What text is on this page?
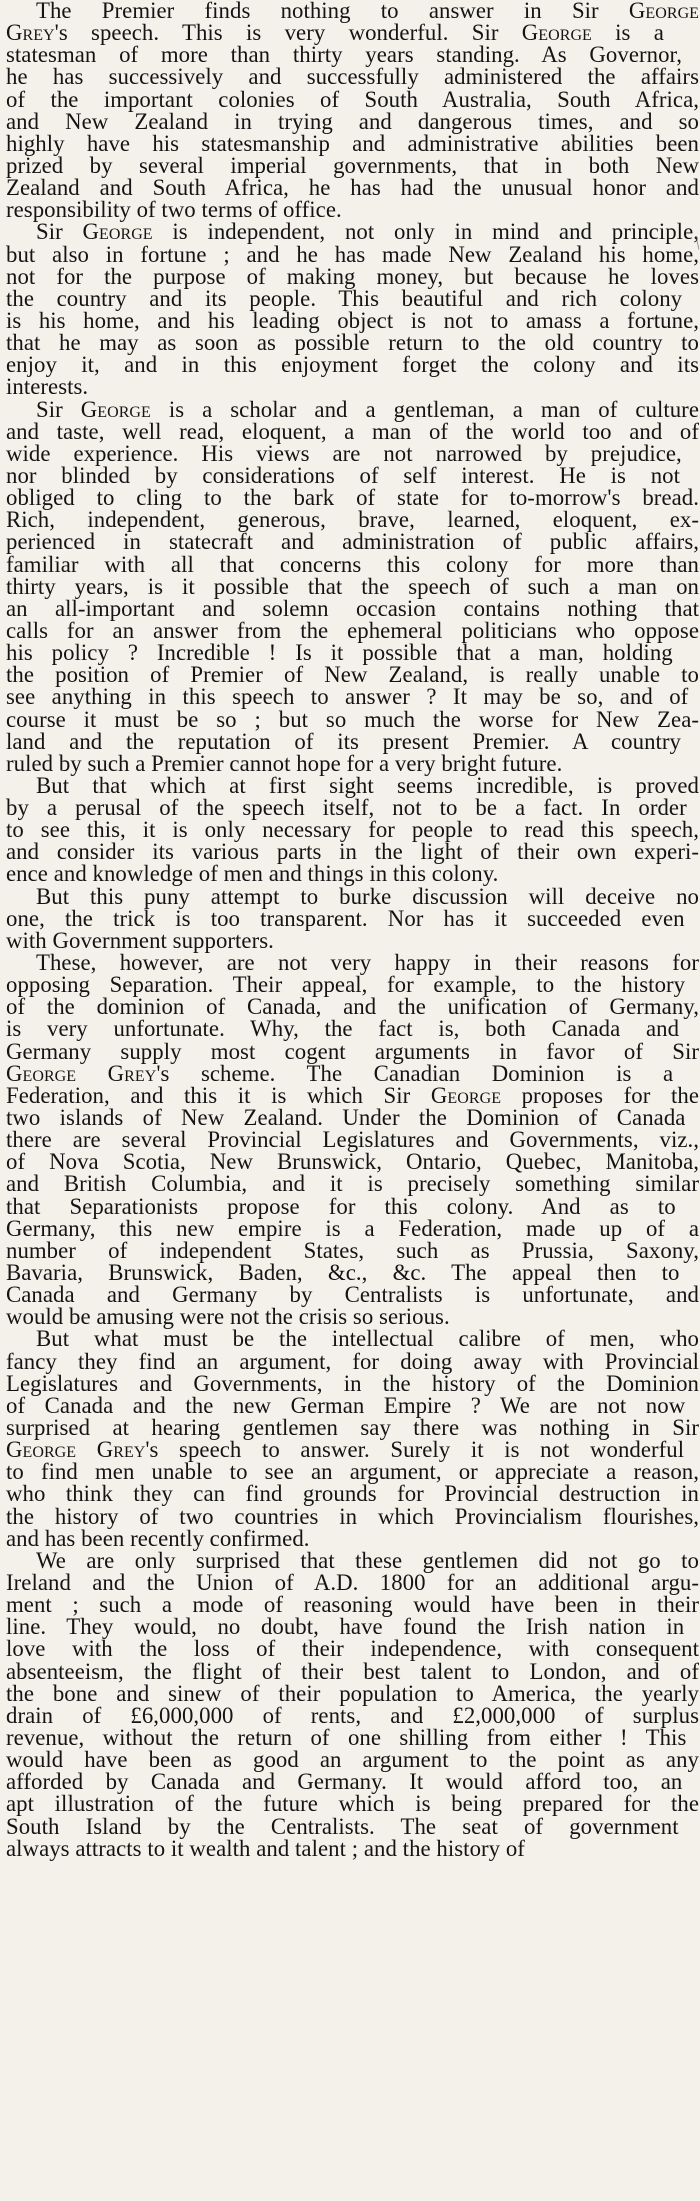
The Premier finds nothing to answer in Sir George
Grey's speech. This is very wonderful. Sir George is a
statesman of more than thirty years standing. As Governor,
he has successively and successfully administered the affairs
of the important colonies of South Australia, South Africa,
and New Zealand in trying and dangerous times, and so
highly have his statesmanship and administrative abilities been
prized by several imperial governments, that in both New
Zealand and South Africa, he has had the unusual honor and
responsibility of two terms of office.
Sir George is independent, not only in mind and principle,
but also in fortune ; and he has made New Zealand his home,
not for the purpose of making money, but because he loves
the country and its people. This beautiful and rich colony
is his home, and his leading object is not to amass a fortune,
that he may as soon as possible return to the old country to
enjoy it, and in this enjoyment forget the colony and its
interests.
Sir George is a scholar and a gentleman, a man of culture
and taste, well read, eloquent, a man of the world too and of
wide experience. His views are not narrowed by prejudice,
nor blinded by considerations of self interest. He is not
obliged to cling to the bark of state for to-morrow's bread.
Rich, independent, generous, brave, learned, eloquent, ex-
perienced in statecraft and administration of public affairs,
familiar with all that concerns this colony for more than
thirty years, is it possible that the speech of such a man on
an all-important and solemn occasion contains nothing that
calls for an answer from the ephemeral politicians who oppose
his policy ? Incredible ! Is it possible that a man, holding
the position of Premier of New Zealand, is really unable to
see anything in this speech to answer ? It may be so, and of
course it must be so ; but so much the worse for New Zea-
land and the reputation of its present Premier. A country
ruled by such a Premier cannot hope for a very bright future.
But that which at first sight seems incredible, is proved
by a perusal of the speech itself, not to be a fact. In order
to see this, it is only necessary for people to read this speech,
and consider its various parts in the light of their own experi-
ence and knowledge of men and things in this colony.
But this puny attempt to burke discussion will deceive no
one, the trick is too transparent. Nor has it succeeded even
with Government supporters.
These, however, are not very happy in their reasons for
opposing Separation. Their appeal, for example, to the history
of the dominion of Canada, and the unification of Germany,
is very unfortunate. Why, the fact is, both Canada and
Germany supply most cogent arguments in favor of Sir
George Grey's scheme. The Canadian Dominion is a
Federation, and this it is which Sir George proposes for the
two islands of New Zealand. Under the Dominion of Canada
there are several Provincial Legislatures and Governments, viz.,
of Nova Scotia, New Brunswick, Ontario, Quebec, Manitoba,
and British Columbia, and it is precisely something similar
that Separationists propose for this colony. And as to
Germany, this new empire is a Federation, made up of a
number of independent States, such as Prussia, Saxony,
Bavaria, Brunswick, Baden, &c., &c. The appeal then to
Canada and Germany by Centralists is unfortunate, and
would be amusing were not the crisis so serious.
But what must be the intellectual calibre of men, who
fancy they find an argument, for doing away with Provincial
Legislatures and Governments, in the history of the Dominion
of Canada and the new German Empire ? We are not now
surprised at hearing gentlemen say there was nothing in Sir
George Grey's speech to answer. Surely it is not wonderful
to find men unable to see an argument, or appreciate a reason,
who think they can find grounds for Provincial destruction in
the history of two countries in which Provincialism flourishes,
and has been recently confirmed.
We are only surprised that these gentlemen did not go to
Ireland and the Union of A.D. 1800 for an additional argu-
ment ; such a mode of reasoning would have been in their
line. They would, no doubt, have found the Irish nation in
love with the loss of their independence, with consequent
absenteeism, the flight of their best talent to London, and of
the bone and sinew of their population to America, the yearly
drain of £6,000,000 of rents, and £2,000,000 of surplus
revenue, without the return of one shilling from either ! This
would have been as good an argument to the point as any
afforded by Canada and Germany. It would afford too, an
apt illustration of the future which is being prepared for the
South Island by the Centralists. The seat of government
always attracts to it wealth and talent ; and the history of
